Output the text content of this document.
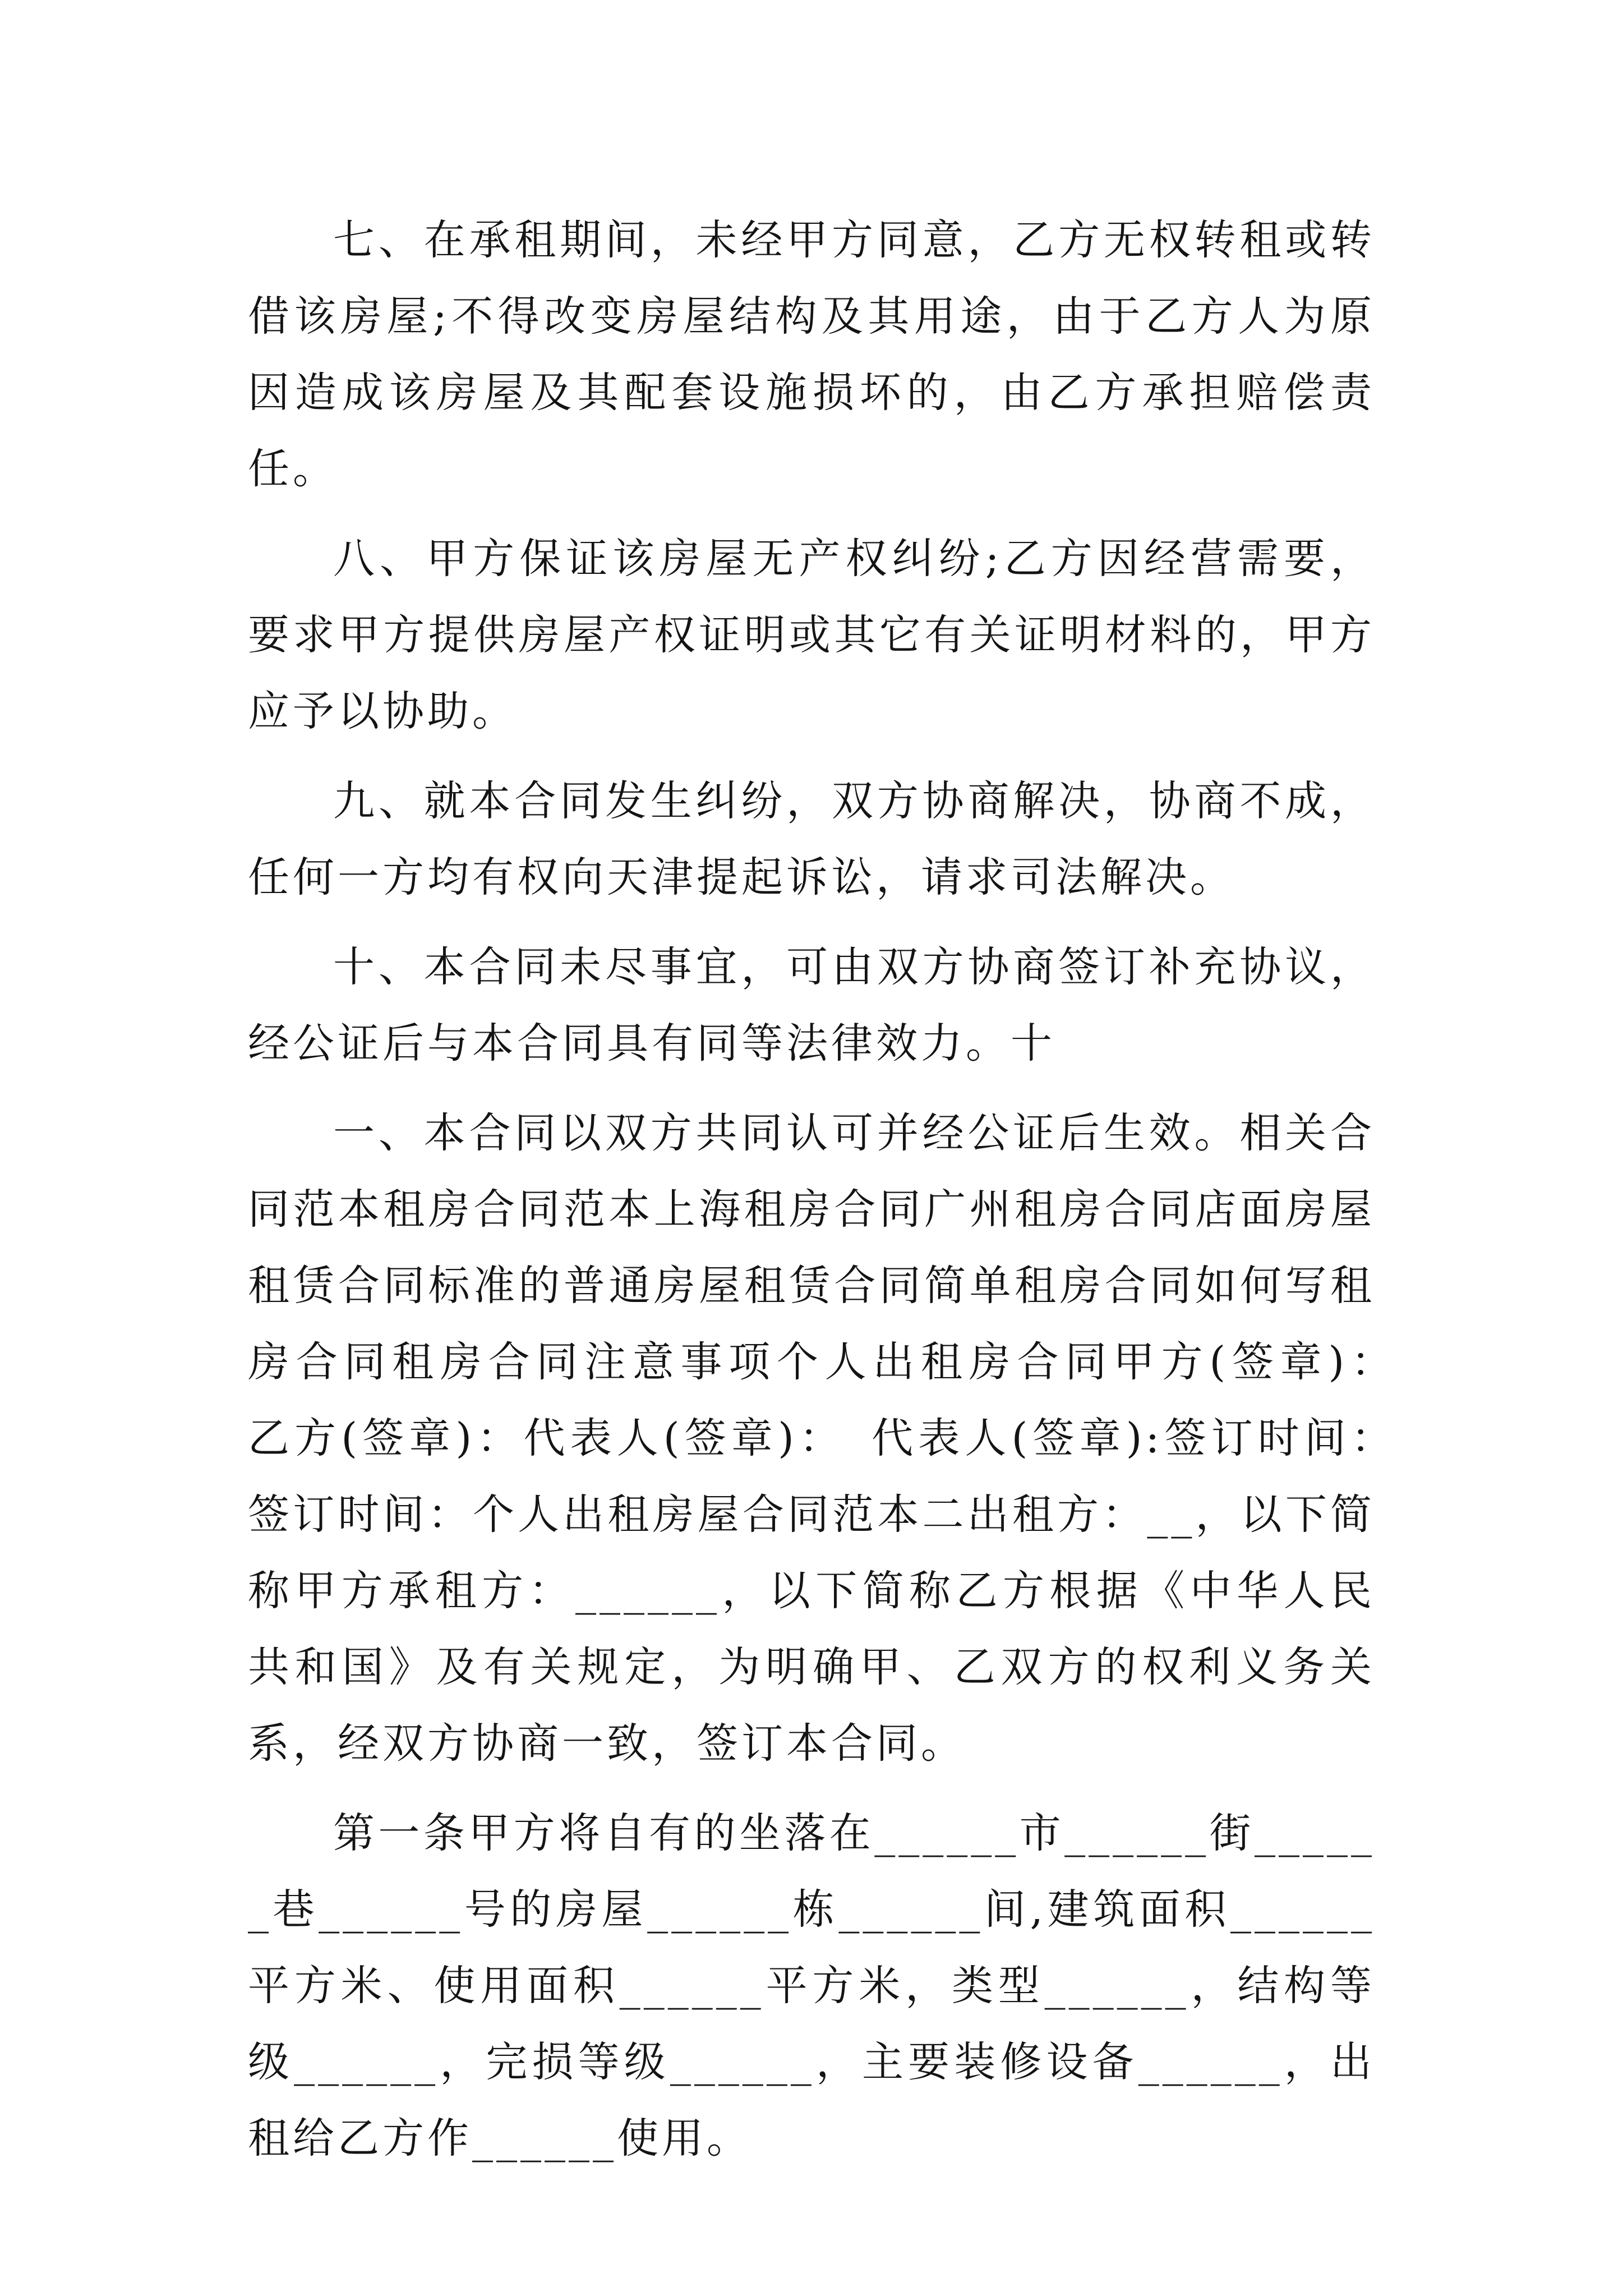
七、在承租期间，未经甲方同意，乙方无权转租或转借该房屋;不得改变房屋结构及其用途，由于乙方人为原因造成该房屋及其配套设施损坏的，由乙方承担赔偿责任。

八、甲方保证该房屋无产权纠纷;乙方因经营需要，要求甲方提供房屋产权证明或其它有关证明材料的，甲方应予以协助。

九、就本合同发生纠纷，双方协商解决，协商不成，任何一方均有权向天津提起诉讼，请求司法解决。

十、本合同未尽事宜，可由双方协商签订补充协议，经公证后与本合同具有同等法律效力。十

一、本合同以双方共同认可并经公证后生效。相关合同范本租房合同范本上海租房合同广州租房合同店面房屋租赁合同标准的普通房屋租赁合同简单租房合同如何写租房合同租房合同注意事项个人出租房合同甲方(签章)：　乙方(签章)：代表人(签章)：　代表人(签章):签订时间：　签订时间：个人出租房屋合同范本二出租方：__，以下简称甲方承租方：______，以下简称乙方根据《中华人民共和国》及有关规定，为明确甲、乙双方的权利义务关系，经双方协商一致，签订本合同。

第一条甲方将自有的坐落在______市______街______巷______号的房屋______栋______间,建筑面积______平方米、使用面积______平方米，类型______，结构等级______，完损等级______，主要装修设备______，出租给乙方作______使用。
